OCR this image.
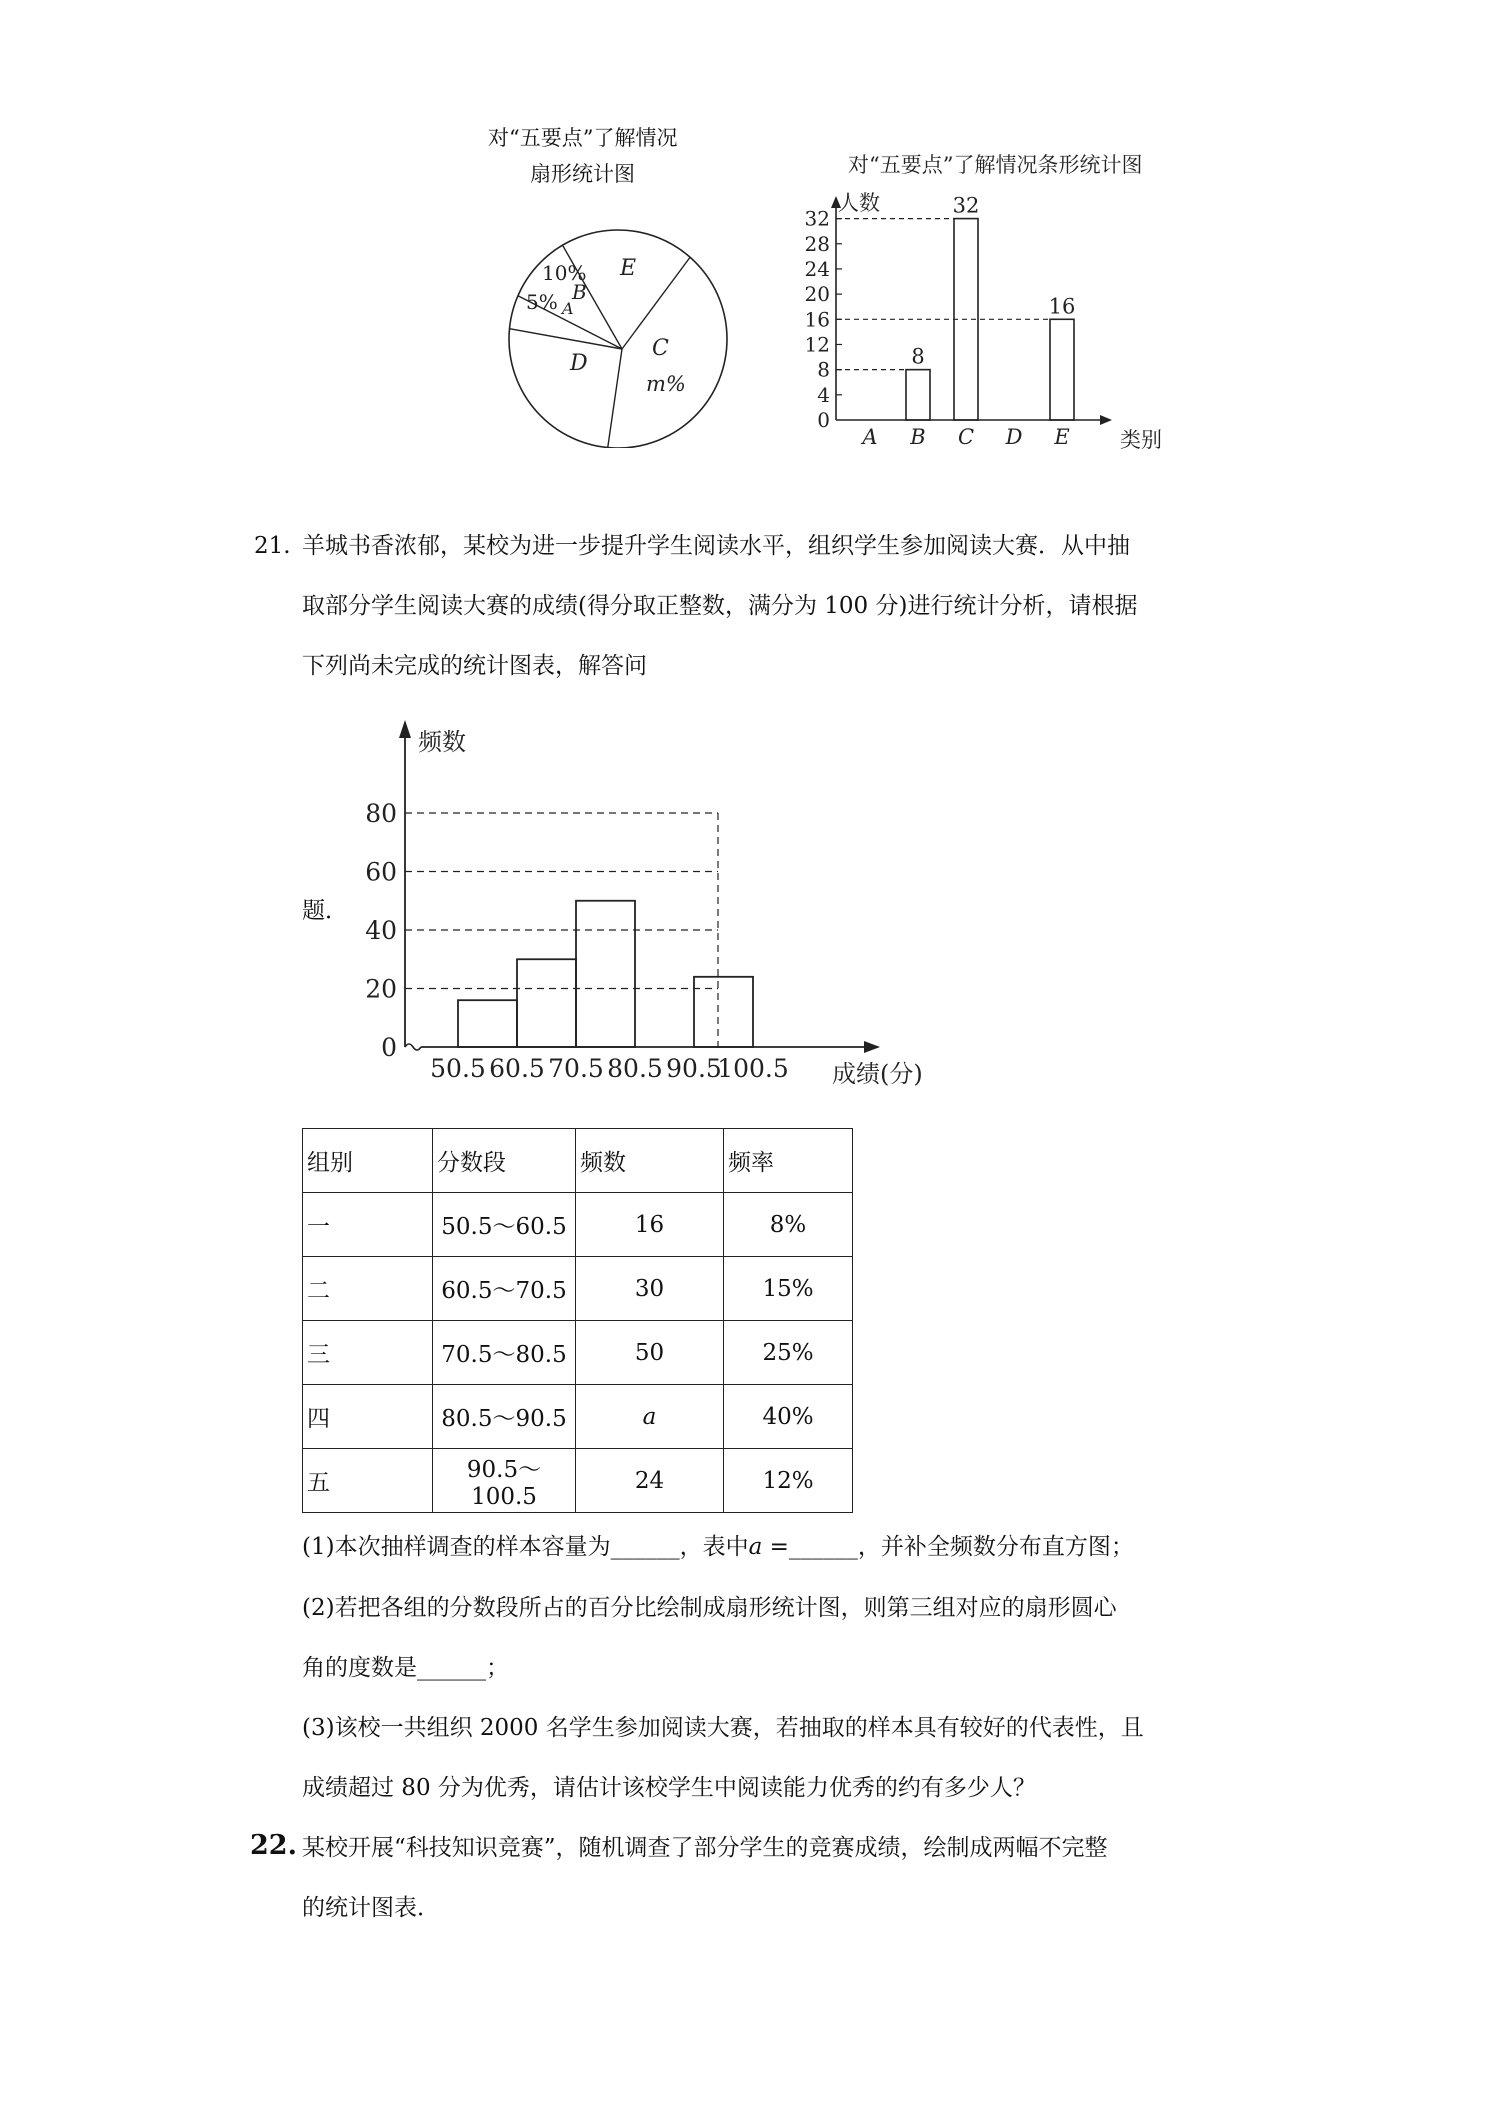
对“五要点”了解情况
扇形统计图
E
10%
B
5% A
C
m%
D
对“五要点”了解情况条形统计图
人数
类别
0
4
8
12
16
20
24
28
32
A B C D E
8
32
16
21. 羊城书香浓郁，某校为进一步提升学生阅读水平，组织学生参加阅读大赛．从中抽
取部分学生阅读大赛的成绩(得分取正整数，满分为 100 分)进行统计分析，请根据
下列尚未完成的统计图表，解答问
题．
频数
成绩(分)
0
20
40
60
80
50.5 60.5 70.5 80.5 90.5
100.5
组别	分数段	频数	频率
一	50.5～60.5	16	8%
二	60.5～70.5	30	15%
三	70.5～80.5	50	25%
四	80.5～90.5	a	40%
五	90.5～100.5	24	12%
(1)本次抽样调查的样本容量为______，表中a =______，并补全频数分布直方图；
(2)若把各组的分数段所占的百分比绘制成扇形统计图，则第三组对应的扇形圆心
角的度数是______；
(3)该校一共组织 2000 名学生参加阅读大赛，若抽取的样本具有较好的代表性，且
成绩超过 80 分为优秀，请估计该校学生中阅读能力优秀的约有多少人？
22. 某校开展“科技知识竞赛”，随机调查了部分学生的竞赛成绩，绘制成两幅不完整
的统计图表．
